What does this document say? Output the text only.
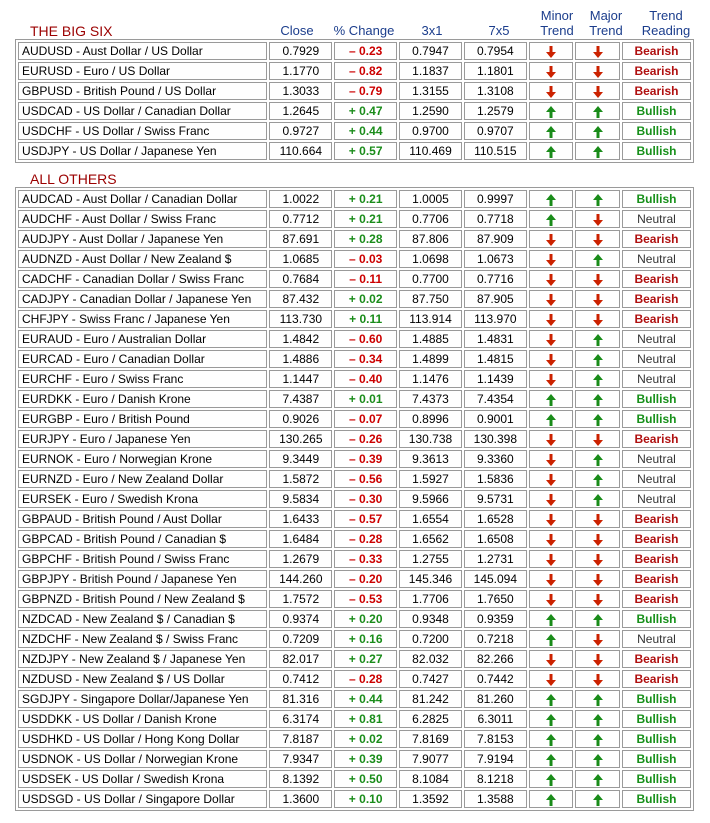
THE BIG SIX
ALL OTHERS
Close	% Change	3x1	7x5
Minor
Trend
Major
Trend
Trend
Reading
AUDUSD - Aust Dollar / US Dollar	0.7929	– 0.23	0.7947	0.7954			Bearish
EURUSD - Euro / US Dollar	1.1770	– 0.82	1.1837	1.1801			Bearish
GBPUSD - British Pound / US Dollar	1.3033	– 0.79	1.3155	1.3108			Bearish
USDCAD - US Dollar / Canadian Dollar	1.2645	+ 0.47	1.2590	1.2579			Bullish
USDCHF - US Dollar / Swiss Franc	0.9727	+ 0.44	0.9700	0.9707			Bullish
USDJPY - US Dollar / Japanese Yen	110.664	+ 0.57	110.469	110.515			Bullish
AUDCAD - Aust Dollar / Canadian Dollar	1.0022	+ 0.21	1.0005	0.9997			Bullish
AUDCHF - Aust Dollar / Swiss Franc	0.7712	+ 0.21	0.7706	0.7718			Neutral
AUDJPY - Aust Dollar / Japanese Yen	87.691	+ 0.28	87.806	87.909			Bearish
AUDNZD - Aust Dollar / New Zealand $	1.0685	– 0.03	1.0698	1.0673			Neutral
CADCHF - Canadian Dollar / Swiss Franc	0.7684	– 0.11	0.7700	0.7716			Bearish
CADJPY - Canadian Dollar / Japanese Yen	87.432	+ 0.02	87.750	87.905			Bearish
CHFJPY - Swiss Franc / Japanese Yen	113.730	+ 0.11	113.914	113.970			Bearish
EURAUD - Euro / Australian Dollar	1.4842	– 0.60	1.4885	1.4831			Neutral
EURCAD - Euro / Canadian Dollar	1.4886	– 0.34	1.4899	1.4815			Neutral
EURCHF - Euro / Swiss Franc	1.1447	– 0.40	1.1476	1.1439			Neutral
EURDKK - Euro / Danish Krone	7.4387	+ 0.01	7.4373	7.4354			Bullish
EURGBP - Euro / British Pound	0.9026	– 0.07	0.8996	0.9001			Bullish
EURJPY - Euro / Japanese Yen	130.265	– 0.26	130.738	130.398			Bearish
EURNOK - Euro / Norwegian Krone	9.3449	– 0.39	9.3613	9.3360			Neutral
EURNZD - Euro / New Zealand Dollar	1.5872	– 0.56	1.5927	1.5836			Neutral
EURSEK - Euro / Swedish Krona	9.5834	– 0.30	9.5966	9.5731			Neutral
GBPAUD - British Pound / Aust Dollar	1.6433	– 0.57	1.6554	1.6528			Bearish
GBPCAD - British Pound / Canadian $	1.6484	– 0.28	1.6562	1.6508			Bearish
GBPCHF - British Pound / Swiss Franc	1.2679	– 0.33	1.2755	1.2731			Bearish
GBPJPY - British Pound / Japanese Yen	144.260	– 0.20	145.346	145.094			Bearish
GBPNZD - British Pound / New Zealand $	1.7572	– 0.53	1.7706	1.7650			Bearish
NZDCAD - New Zealand $ / Canadian $	0.9374	+ 0.20	0.9348	0.9359			Bullish
NZDCHF - New Zealand $ / Swiss Franc	0.7209	+ 0.16	0.7200	0.7218			Neutral
NZDJPY - New Zealand $ / Japanese Yen	82.017	+ 0.27	82.032	82.266			Bearish
NZDUSD - New Zealand $ / US Dollar	0.7412	– 0.28	0.7427	0.7442			Bearish
SGDJPY - Singapore Dollar/Japanese Yen	81.316	+ 0.44	81.242	81.260			Bullish
USDDKK - US Dollar / Danish Krone	6.3174	+ 0.81	6.2825	6.3011			Bullish
USDHKD - US Dollar / Hong Kong Dollar	7.8187	+ 0.02	7.8169	7.8153			Bullish
USDNOK - US Dollar / Norwegian Krone	7.9347	+ 0.39	7.9077	7.9194			Bullish
USDSEK - US Dollar / Swedish Krona	8.1392	+ 0.50	8.1084	8.1218			Bullish
USDSGD - US Dollar / Singapore Dollar	1.3600	+ 0.10	1.3592	1.3588			Bullish
